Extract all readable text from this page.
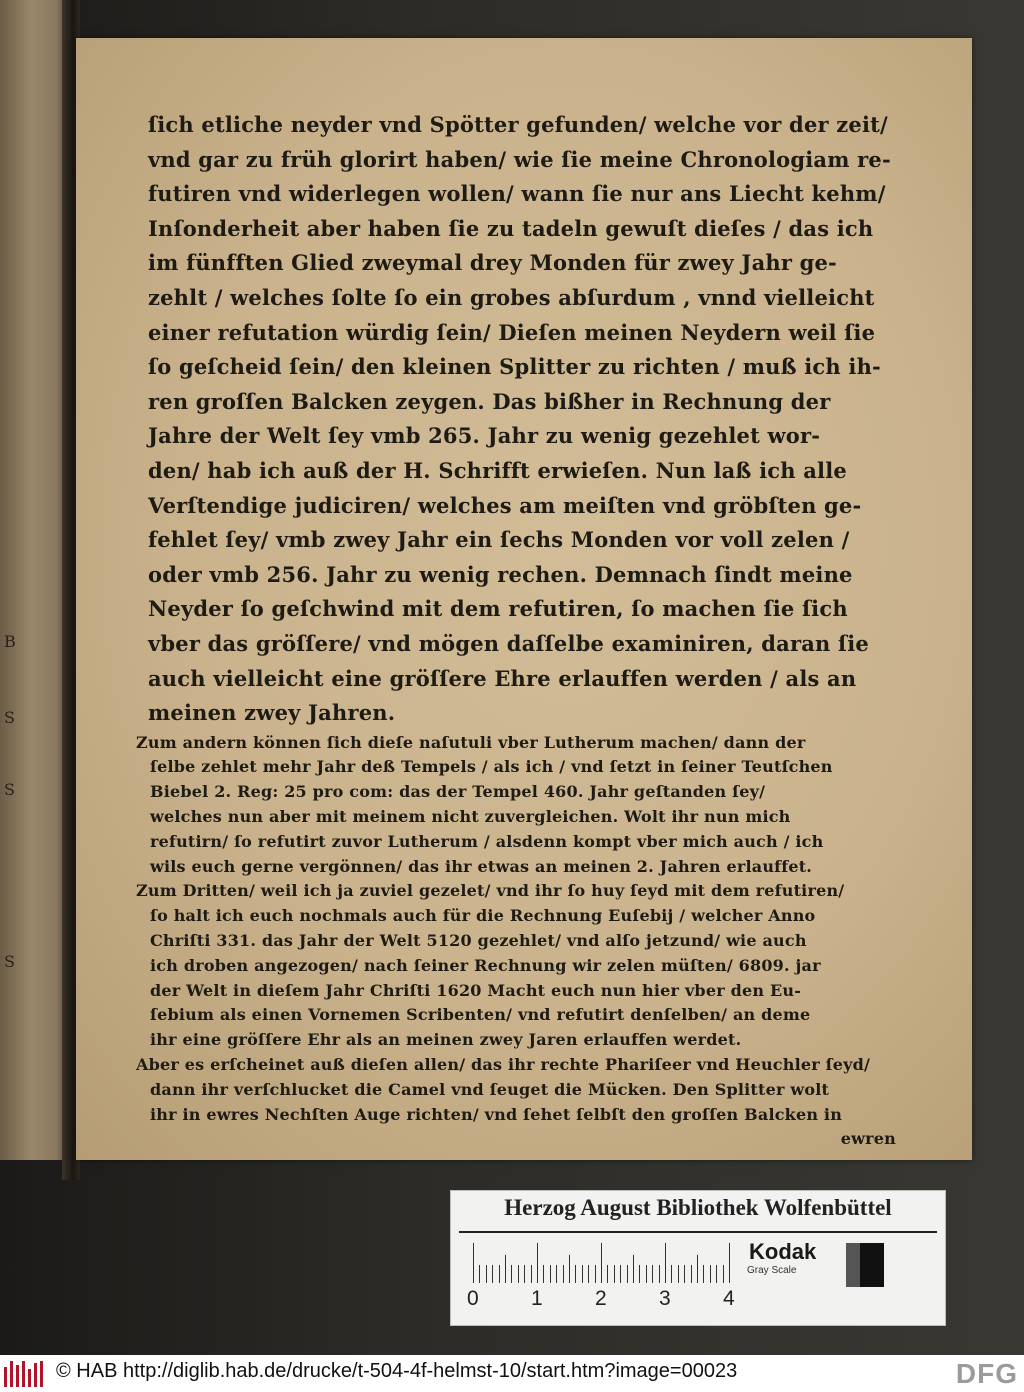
B
S
S
S
ſich etliche neyder vnd Spötter gefunden/ welche vor der zeit/
vnd gar zu früh glorirt haben/ wie ſie meine Chronologiam re-
futiren vnd widerlegen wollen/ wann ſie nur ans Liecht kehm/
Inſonderheit aber haben ſie zu tadeln gewuſt dieſes / das ich
im fünfften Glied zweymal drey Monden für zwey Jahr ge-
zehlt / welches ſolte ſo ein grobes abſurdum , vnnd vielleicht
einer refutation würdig ſein/ Dieſen meinen Neydern weil ſie
ſo geſcheid ſein/ den kleinen Splitter zu richten / muß ich ih-
ren groſſen Balcken zeygen. Das bißher in Rechnung der
Jahre der Welt ſey vmb 265. Jahr zu wenig gezehlet wor-
den/ hab ich auß der H. Schrifft erwieſen. Nun laß ich alle
Verſtendige judiciren/ welches am meiſten vnd gröbſten ge-
fehlet ſey/ vmb zwey Jahr ein ſechs Monden vor voll zelen /
oder vmb 256. Jahr zu wenig rechen. Demnach ſindt meine
Neyder ſo geſchwind mit dem refutiren, ſo machen ſie ſich
vber das gröſſere/ vnd mögen daſſelbe examiniren, daran ſie
auch vielleicht eine gröſſere Ehre erlauffen werden / als an
meinen zwey Jahren.
Zum andern können ſich dieſe naſutuli vber Lutherum machen/ dann der
ſelbe zehlet mehr Jahr deß Tempels / als ich / vnd ſetzt in ſeiner Teutſchen
Biebel 2. Reg: 25 pro com: das der Tempel 460. Jahr geſtanden ſey/
welches nun aber mit meinem nicht zuvergleichen. Wolt ihr nun mich
refutirn/ ſo refutirt zuvor Lutherum / alsdenn kompt vber mich auch / ich
wils euch gerne vergönnen/ das ihr etwas an meinen 2. Jahren erlauffet.
Zum Dritten/ weil ich ja zuviel gezelet/ vnd ihr ſo huy ſeyd mit dem refutiren/
ſo halt ich euch nochmals auch für die Rechnung Euſebij / welcher Anno
Chriſti 331. das Jahr der Welt 5120 gezehlet/ vnd alſo jetzund/ wie auch
ich droben angezogen/ nach ſeiner Rechnung wir zelen müſten/ 6809. jar
der Welt in dieſem Jahr Chriſti 1620 Macht euch nun hier vber den Eu-
ſebium als einen Vornemen Scribenten/ vnd refutirt denſelben/ an deme
ihr eine gröſſere Ehr als an meinen zwey Jaren erlauffen werdet.
Aber es erſcheinet auß dieſen allen/ das ihr rechte Phariſeer vnd Heuchler ſeyd/
dann ihr verſchlucket die Camel vnd ſeuget die Mücken. Den Splitter wolt
ihr in ewres Nechſten Auge richten/ vnd ſehet ſelbſt den groſſen Balcken in
ewren
Herzog August Bibliothek Wolfenbüttel
0 1 2 3 4
Kodak
Gray Scale
© HAB http://diglib.hab.de/drucke/t-504-4f-helmst-10/start.htm?image=00023	DFG
